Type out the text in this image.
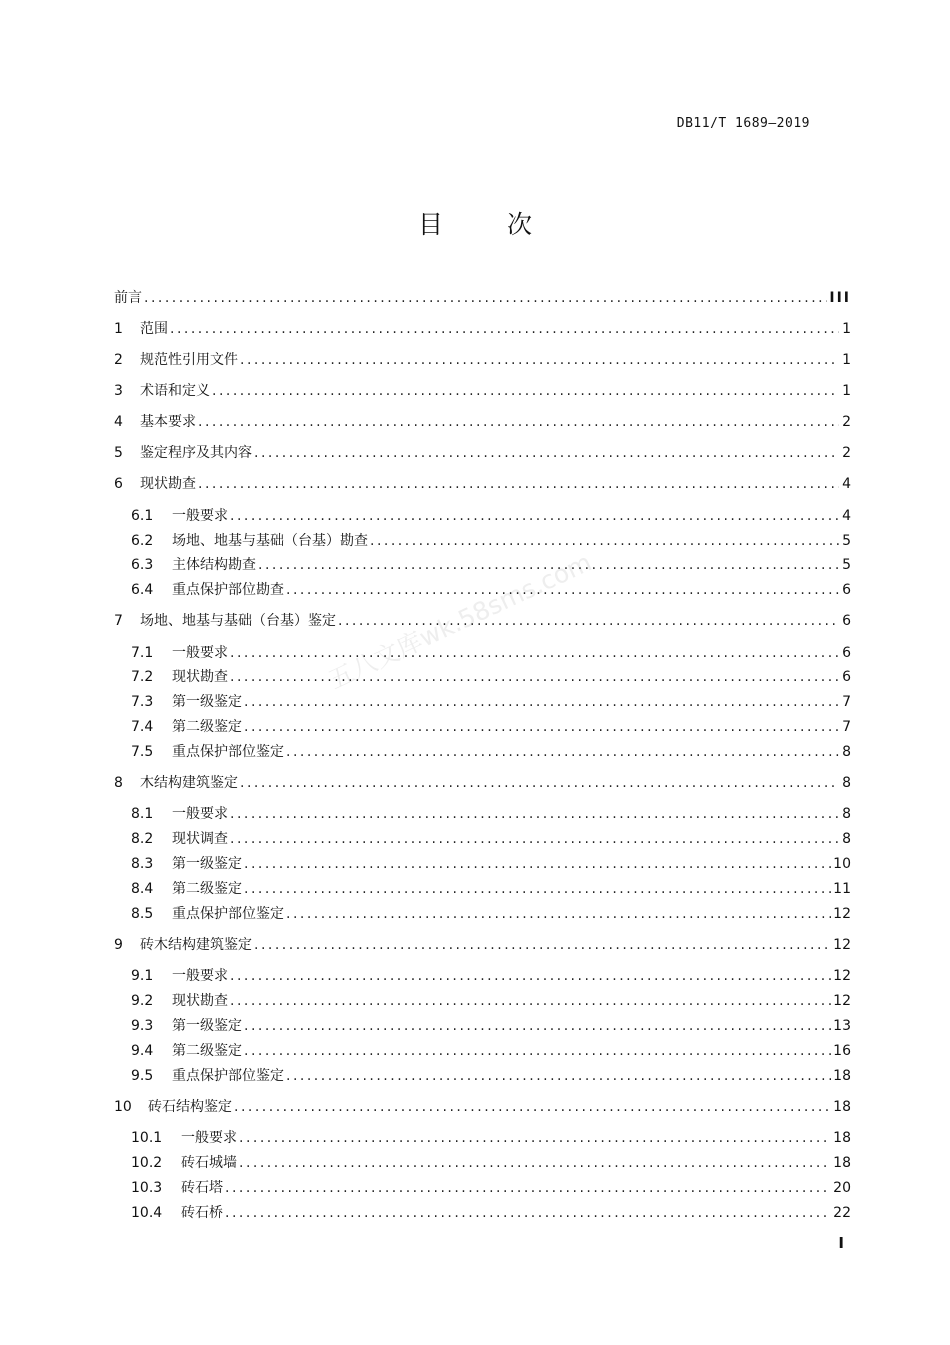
DB11/T 1689—2019
目 次
五八文库wk.58sms.com
前言 .....	III
1	范围 .....	1
2	规范性引用文件 .....	1
3	术语和定义 .....	1
4	基本要求 .....	2
5	鉴定程序及其内容 .....	2
6	现状勘查 .....	4
6.1	一般要求 .....	4
6.2	场地、地基与基础（台基）勘查 .....	5
6.3	主体结构勘查 .....	5
6.4	重点保护部位勘查 .....	6
7	场地、地基与基础（台基）鉴定 .....	6
7.1	一般要求 .....	6
7.2	现状勘查 .....	6
7.3	第一级鉴定 .....	7
7.4	第二级鉴定 .....	7
7.5	重点保护部位鉴定 .....	8
8	木结构建筑鉴定 .....	8
8.1	一般要求 .....	8
8.2	现状调查 .....	8
8.3	第一级鉴定 .....	10
8.4	第二级鉴定 .....	11
8.5	重点保护部位鉴定 .....	12
9	砖木结构建筑鉴定 .....	12
9.1	一般要求 .....	12
9.2	现状勘查 .....	12
9.3	第一级鉴定 .....	13
9.4	第二级鉴定 .....	16
9.5	重点保护部位鉴定 .....	18
10	砖石结构鉴定 .....	18
10.1	一般要求 .....	18
10.2	砖石城墙 .....	18
10.3	砖石塔 .....	20
10.4	砖石桥 .....	22
I
